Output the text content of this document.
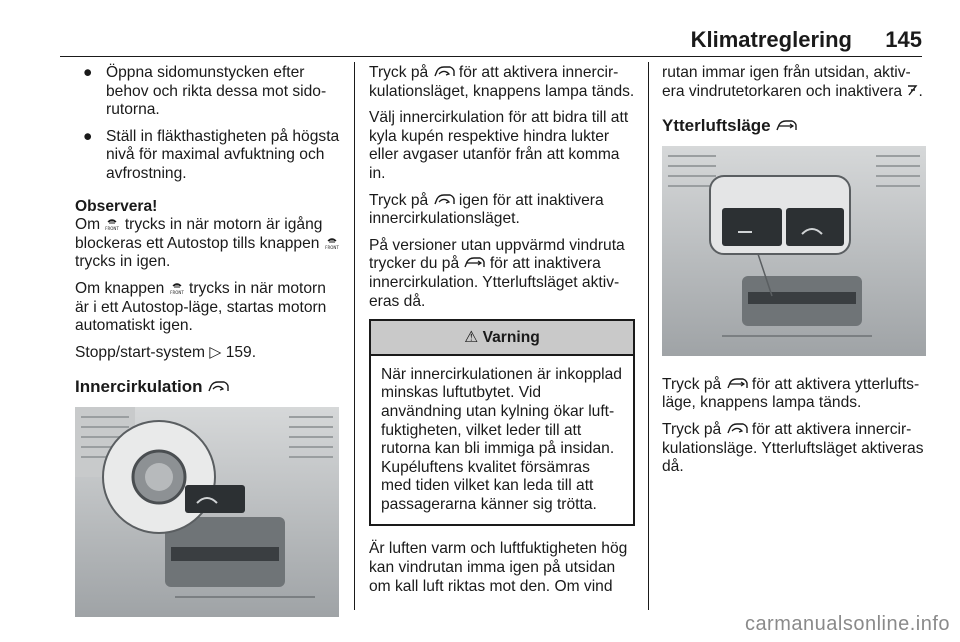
Klimatreglering 145
● Öppna sidomunstycken efter behov och rikta dessa mot sidorutorna.
● Ställ in fläkthastigheten på högsta nivå för maximal avfuktning och avfrostning.
Observera!

Om FRONT trycks in när motorn är igång blockeras ett Autostop tills knappen FRONT
trycks in igen.

Om knappen FRONT trycks in när motorn är i ett Autostop-läge, startas motorn automatiskt igen.

Stopp/start-system ▷ 159.

Innercirkulation

Tryck på för att aktivera innercirkulationsläget, knappens lampa tänds.

Välj innercirkulation för att bidra till att kyla kupén respektive hindra lukter eller avgaser utanför från att komma in.

Tryck på igen för att inaktivera innercirkulationsläget.

På versioner utan uppvärmd vindruta trycker du på för att inaktivera innercirkulation. Ytterluftsläget aktiveras då.

⚠ Varning
När innercirkulationen är inkopplad minskas luftutbytet. Vid användning utan kylning ökar luftfuktigheten, vilket leder till att rutorna kan bli immiga på insidan. Kupéluftens kvalitet försämras med tiden vilket kan leda till att passagerarna känner sig trötta.

Är luften varm och luftfuktigheten hög kan vindrutan imma igen på utsidan om kall luft riktas mot den. Om vind

rutan immar igen från utsidan, aktivera vindrutetorkaren och inaktivera .

Ytterluftsläge

Tryck på för att aktivera ytterluftsläge, knappens lampa tänds.

Tryck på för att aktivera innercirkulationsläge. Ytterluftsläget aktiveras då.

carmanualsonline.info
